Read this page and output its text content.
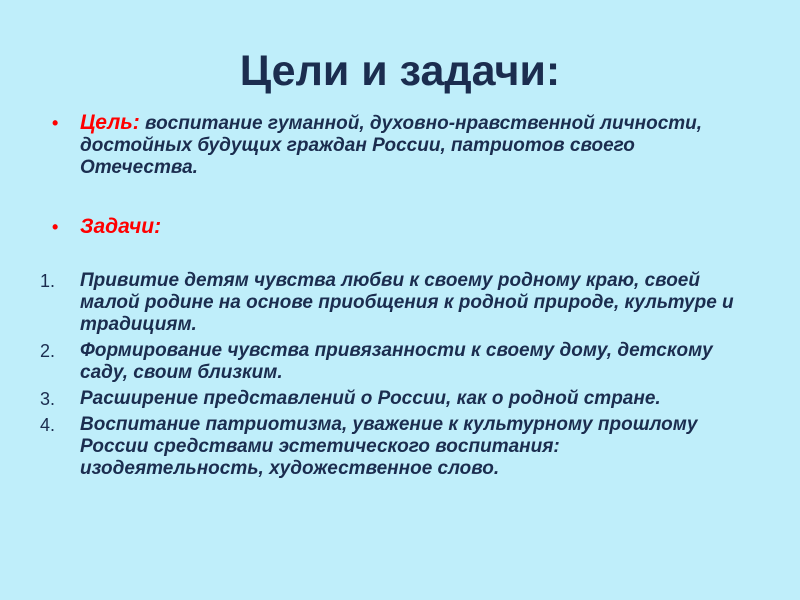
Цели и задачи:
• Цель: воспитание гуманной, духовно-нравственной личности, достойных будущих граждан России, патриотов своего Отечества.
• Задачи:
1. Привитие детям чувства любви к своему родному краю, своей малой родине на основе приобщения к родной природе, культуре и традициям.
2. Формирование чувства привязанности к своему дому, детскому саду, своим близким.
3. Расширение представлений о России, как о родной стране.
4. Воспитание патриотизма, уважение к культурному прошлому России средствами эстетического воспитания: изодеятельность, художественное слово.
